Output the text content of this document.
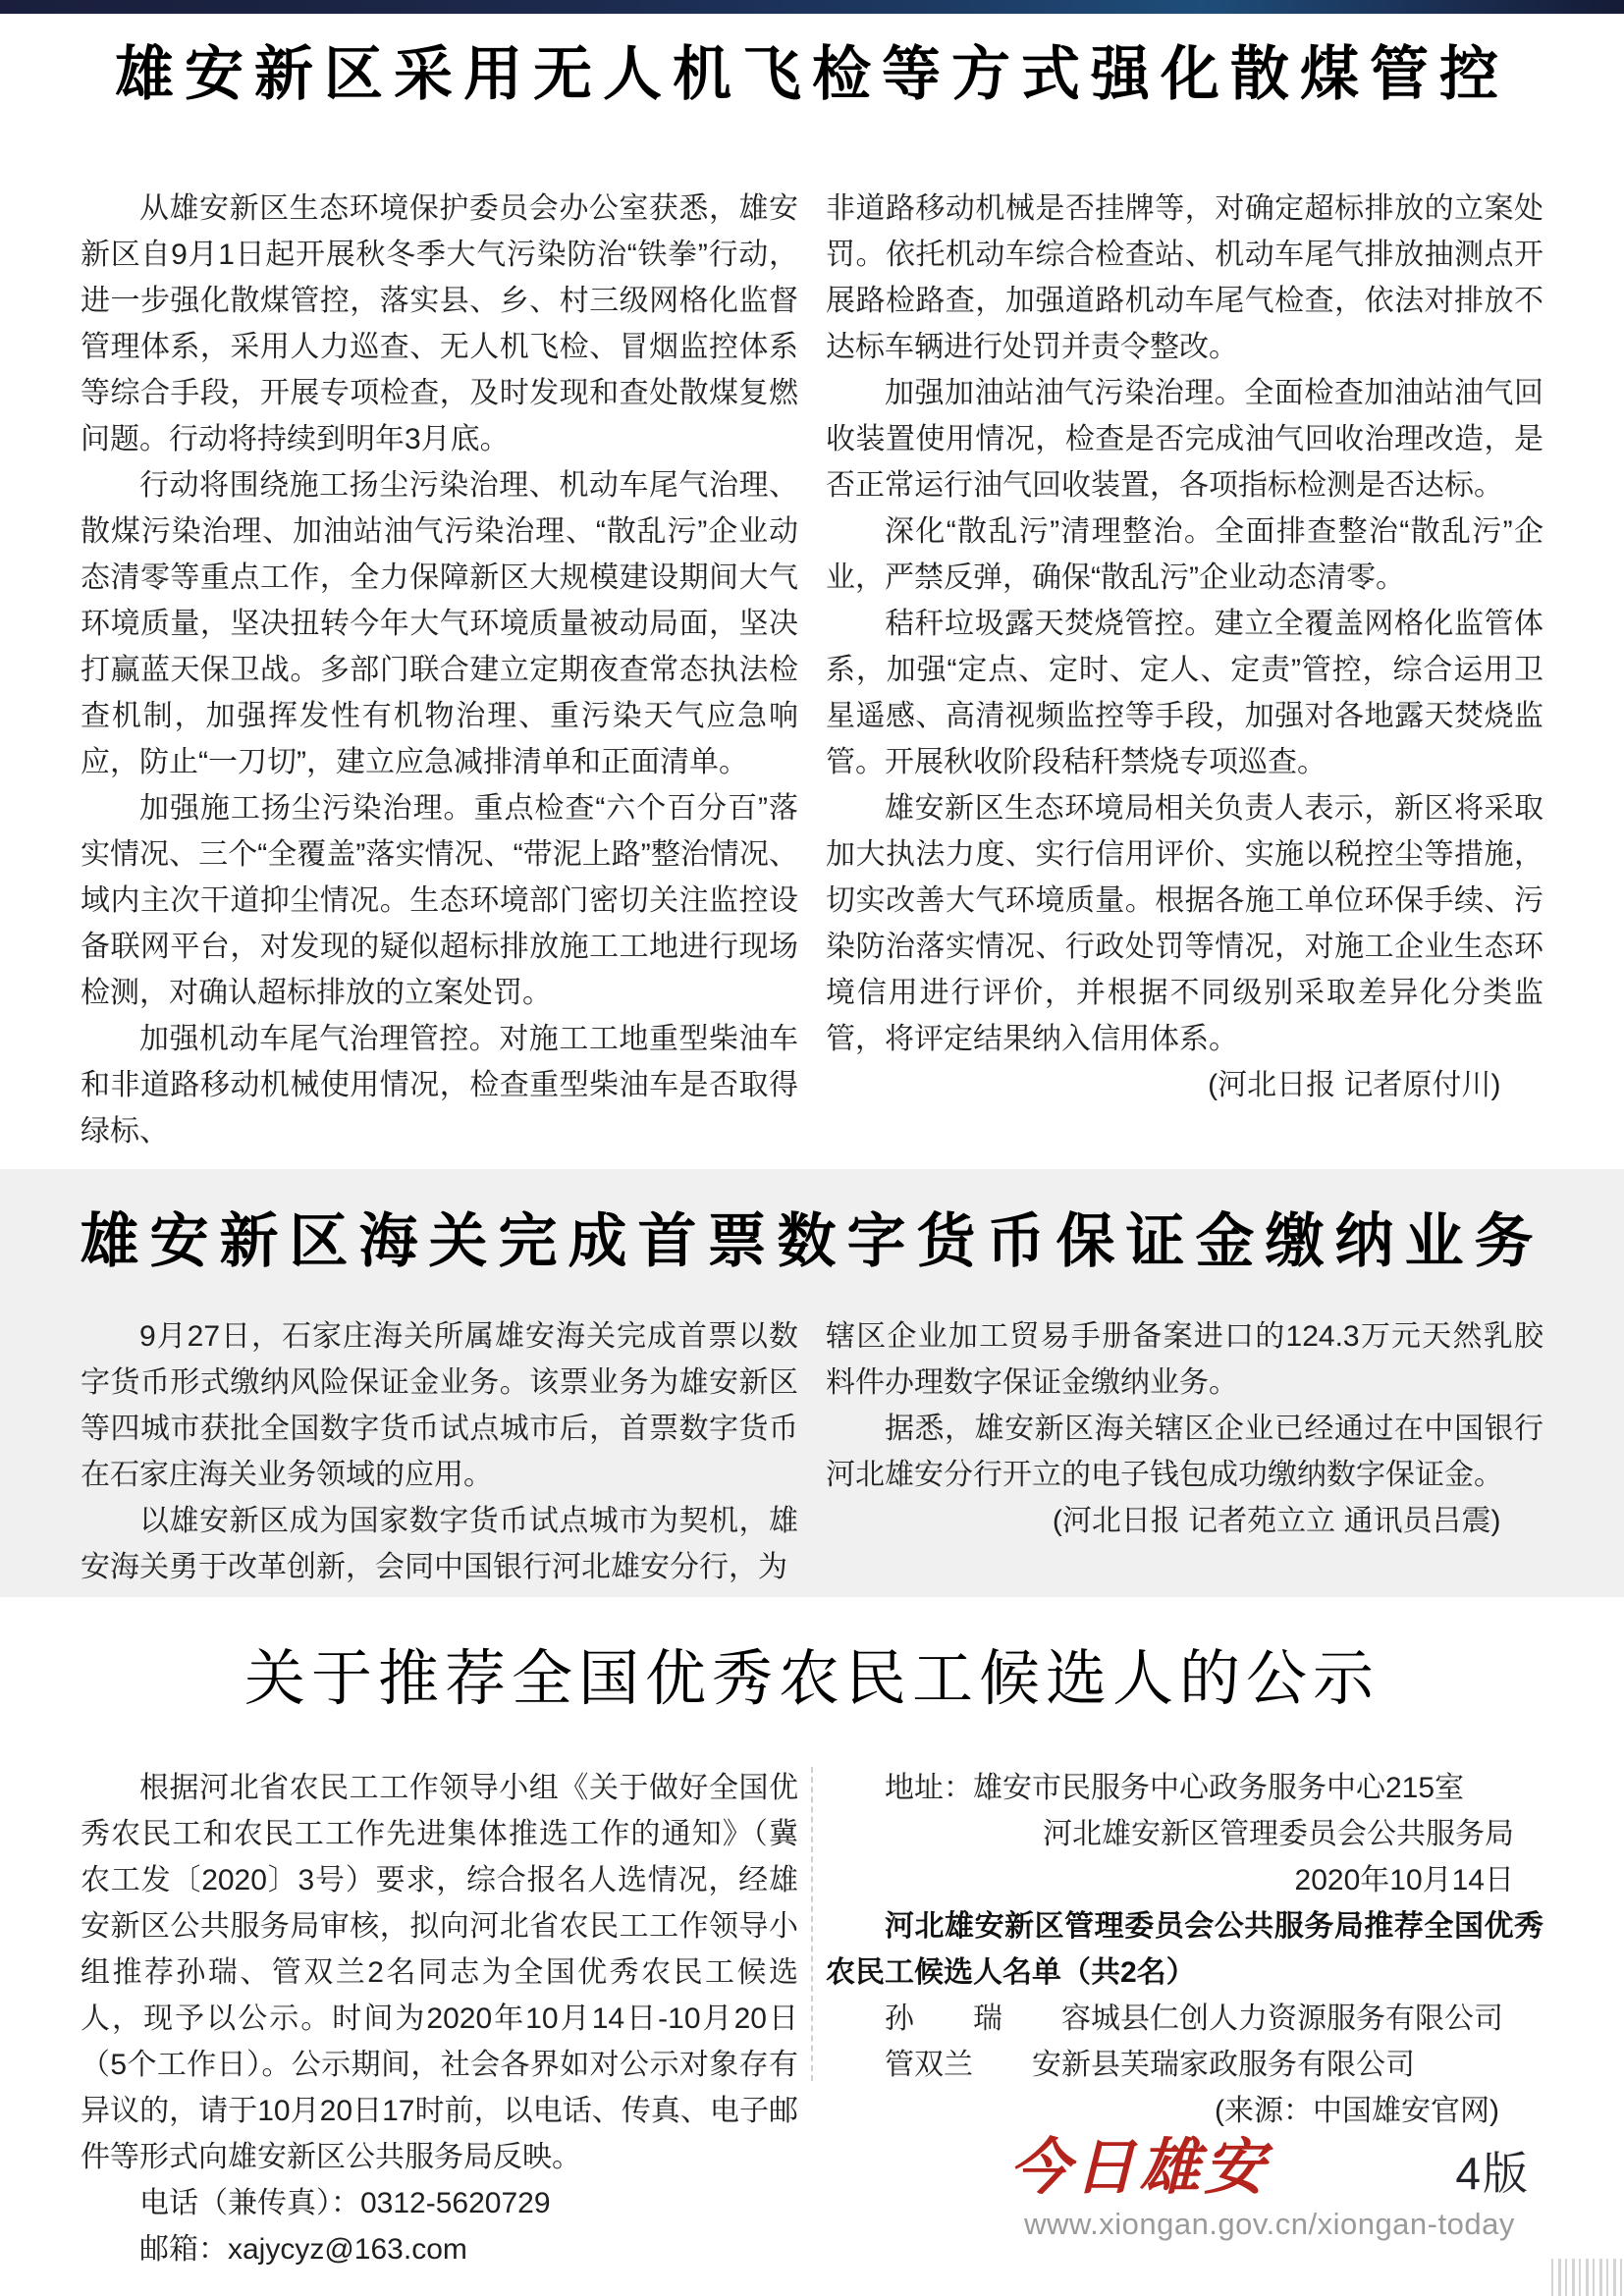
雄安新区采用无人机飞检等方式强化散煤管控

从雄安新区生态环境保护委员会办公室获悉，雄安新区自9月1日起开展秋冬季大气污染防治“铁拳”行动，进一步强化散煤管控，落实县、乡、村三级网格化监督管理体系，采用人力巡查、无人机飞检、冒烟监控体系等综合手段，开展专项检查，及时发现和查处散煤复燃问题。行动将持续到明年3月底。

行动将围绕施工扬尘污染治理、机动车尾气治理、散煤污染治理、加油站油气污染治理、“散乱污”企业动态清零等重点工作，全力保障新区大规模建设期间大气环境质量，坚决扭转今年大气环境质量被动局面，坚决打赢蓝天保卫战。多部门联合建立定期夜查常态执法检查机制，加强挥发性有机物治理、重污染天气应急响应，防止“一刀切”，建立应急减排清单和正面清单。

加强施工扬尘污染治理。重点检查“六个百分百”落实情况、三个“全覆盖”落实情况、“带泥上路”整治情况、域内主次干道抑尘情况。生态环境部门密切关注监控设备联网平台，对发现的疑似超标排放施工工地进行现场检测，对确认超标排放的立案处罚。

加强机动车尾气治理管控。对施工工地重型柴油车和非道路移动机械使用情况，检查重型柴油车是否取得绿标、

非道路移动机械是否挂牌等，对确定超标排放的立案处罚。依托机动车综合检查站、机动车尾气排放抽测点开展路检路查，加强道路机动车尾气检查，依法对排放不达标车辆进行处罚并责令整改。

加强加油站油气污染治理。全面检查加油站油气回收装置使用情况，检查是否完成油气回收治理改造，是否正常运行油气回收装置，各项指标检测是否达标。

深化“散乱污”清理整治。全面排查整治“散乱污”企业，严禁反弹，确保“散乱污”企业动态清零。

秸秆垃圾露天焚烧管控。建立全覆盖网格化监管体系，加强“定点、定时、定人、定责”管控，综合运用卫星遥感、高清视频监控等手段，加强对各地露天焚烧监管。开展秋收阶段秸秆禁烧专项巡查。

雄安新区生态环境局相关负责人表示，新区将采取加大执法力度、实行信用评价、实施以税控尘等措施，切实改善大气环境质量。根据各施工单位环保手续、污染防治落实情况、行政处罚等情况，对施工企业生态环境信用进行评价，并根据不同级别采取差异化分类监管，将评定结果纳入信用体系。

(河北日报 记者原付川)

雄安新区海关完成首票数字货币保证金缴纳业务

9月27日，石家庄海关所属雄安海关完成首票以数字货币形式缴纳风险保证金业务。该票业务为雄安新区等四城市获批全国数字货币试点城市后，首票数字货币在石家庄海关业务领域的应用。

以雄安新区成为国家数字货币试点城市为契机，雄安海关勇于改革创新，会同中国银行河北雄安分行，为

辖区企业加工贸易手册备案进口的124.3万元天然乳胶料件办理数字保证金缴纳业务。

据悉，雄安新区海关辖区企业已经通过在中国银行河北雄安分行开立的电子钱包成功缴纳数字保证金。

(河北日报 记者苑立立 通讯员吕震)

关于推荐全国优秀农民工候选人的公示

根据河北省农民工工作领导小组《关于做好全国优秀农民工和农民工工作先进集体推选工作的通知》（冀农工发〔2020〕3号）要求，综合报名人选情况，经雄安新区公共服务局审核，拟向河北省农民工工作领导小组推荐孙瑞、管双兰2名同志为全国优秀农民工候选人，现予以公示。时间为2020年10月14日-10月20日（5个工作日）。公示期间，社会各界如对公示对象存有异议的，请于10月20日17时前，以电话、传真、电子邮件等形式向雄安新区公共服务局反映。

电话（兼传真）：0312-5620729

邮箱：xajycyz@163.com

地址：雄安市民服务中心政务服务中心215室

河北雄安新区管理委员会公共服务局

2020年10月14日

河北雄安新区管理委员会公共服务局推荐全国优秀农民工候选人名单（共2名）

孙　　瑞　　容城县仁创人力资源服务有限公司

管双兰　　安新县芙瑞家政服务有限公司

(来源：中国雄安官网)

今日雄安	4版
www.xiongan.gov.cn/xiongan-today
